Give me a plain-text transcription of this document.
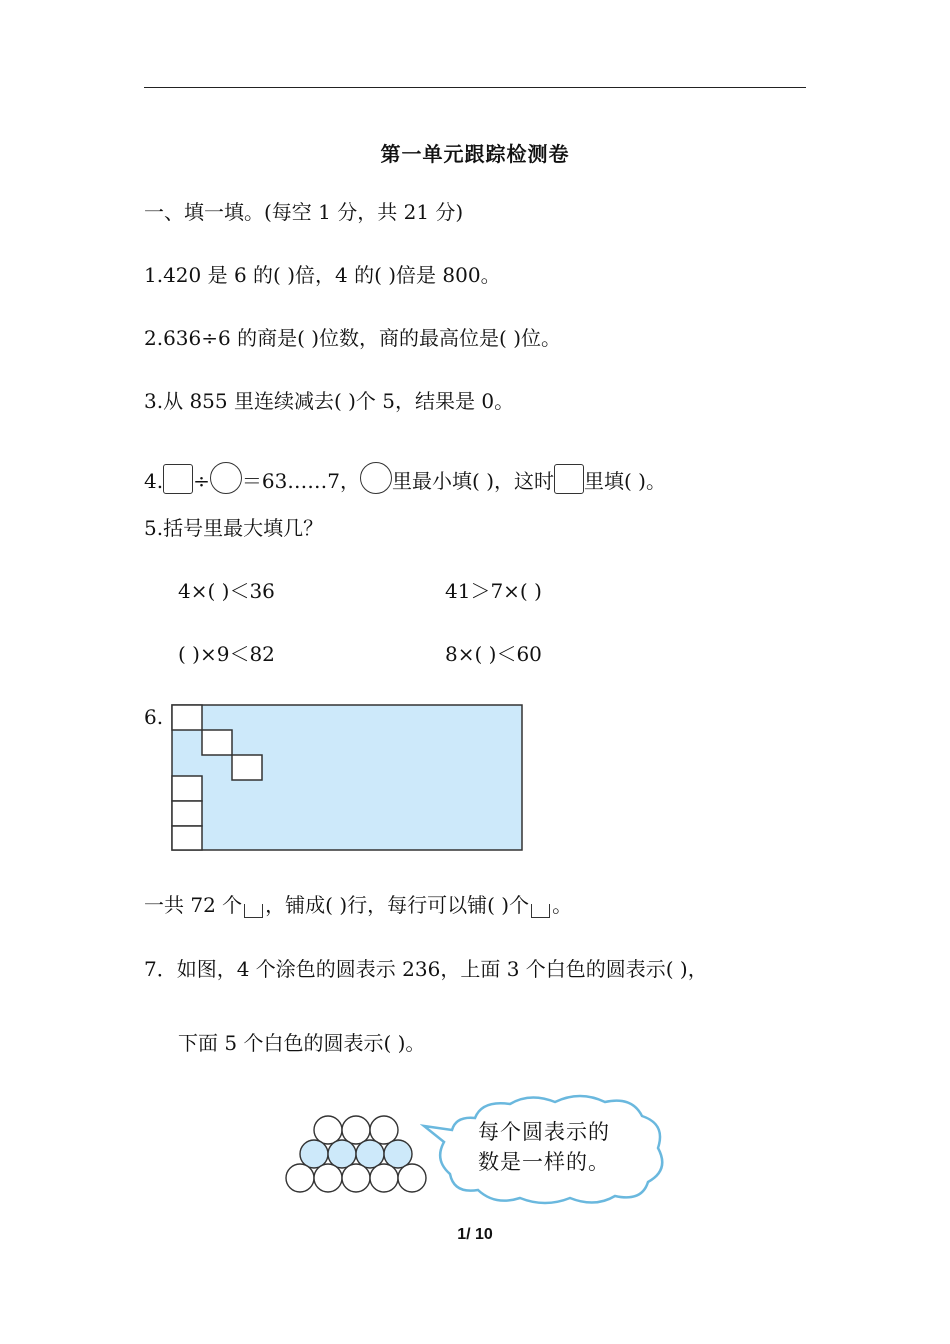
第一单元跟踪检测卷
一、填一填。(每空 1 分，共 21 分)
1.420 是 6 的( )倍，4 的( )倍是 800。
2.636÷6 的商是( )位数，商的最高位是( )位。
3.从 855 里连续减去( )个 5，结果是 0。
4. ÷ ＝63……7， 里最小填( )，这时 里填( )。
5.括号里最大填几？
4×( )＜36	41＞7×( )
( )×9＜82	8×( )＜60
6.
一共 72 个 ，铺成( )行，每行可以铺( )个 。
7．如图，4 个涂色的圆表示 236，上面 3 个白色的圆表示( )，
下面 5 个白色的圆表示( )。
每个圆表示的
数是一样的。
1/ 10
